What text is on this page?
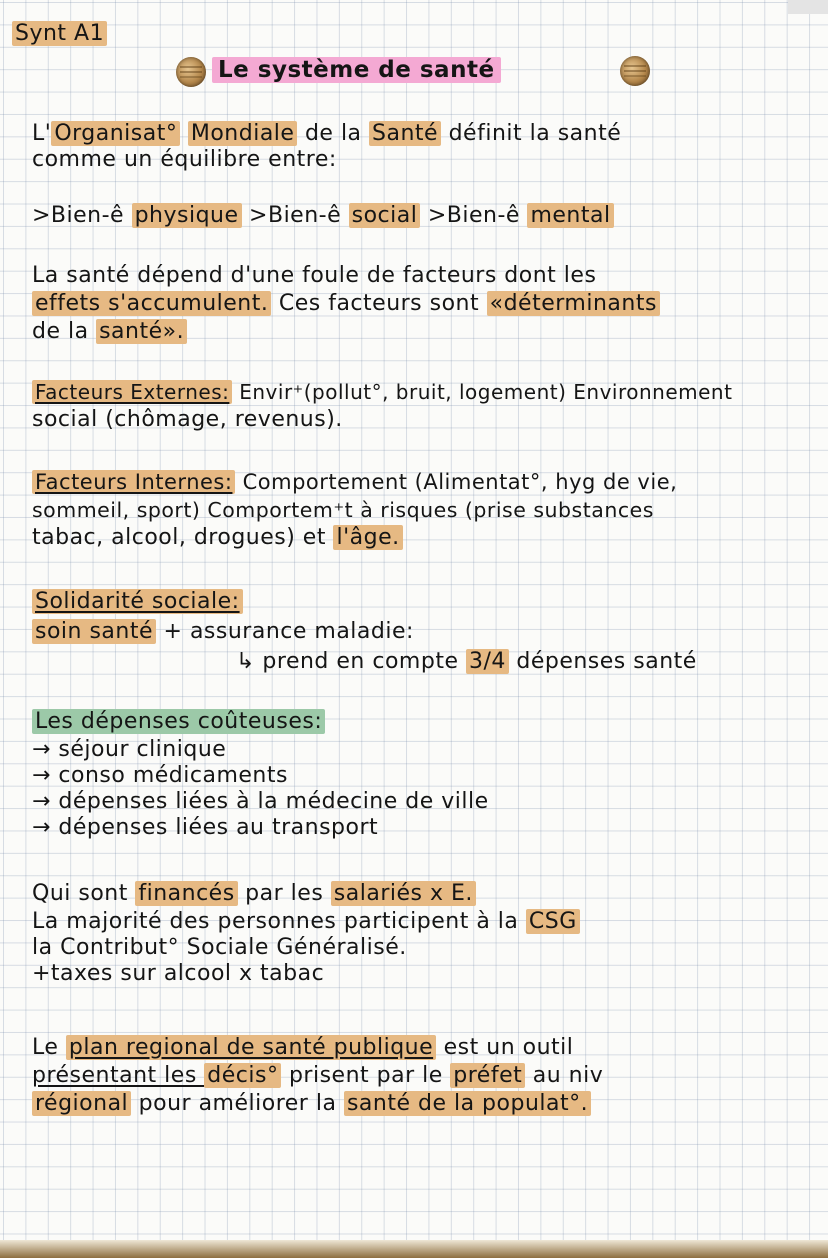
Synt A1
Le système de santé
L' Organisat° Mondiale de la Santé définit la santé
comme un équilibre entre:
>Bien-ê physique >Bien-ê social >Bien-ê mental
La santé dépend d'une foule de facteurs dont les
effets s'accumulent. Ces facteurs sont «déterminants
de la santé».
Facteurs Externes: Envir⁺(pollut°, bruit, logement) Environnement
social (chômage, revenus).
Facteurs Internes: Comportement (Alimentat°, hyg de vie,
sommeil, sport) Comportem⁺t à risques (prise substances
tabac, alcool, drogues) et l'âge.
Solidarité sociale:
soin santé + assurance maladie:
↳ prend en compte 3/4 dépenses santé
Les dépenses coûteuses:
→ séjour clinique
→ conso médicaments
→ dépenses liées à la médecine de ville
→ dépenses liées au transport
Qui sont financés par les salariés x E.
La majorité des personnes participent à la CSG
la Contribut° Sociale Généralisé.
+taxes sur alcool x tabac
Le plan regional de santé publique est un outil
présentant les décis° prisent par le préfet au niv
régional pour améliorer la santé de la populat°.
